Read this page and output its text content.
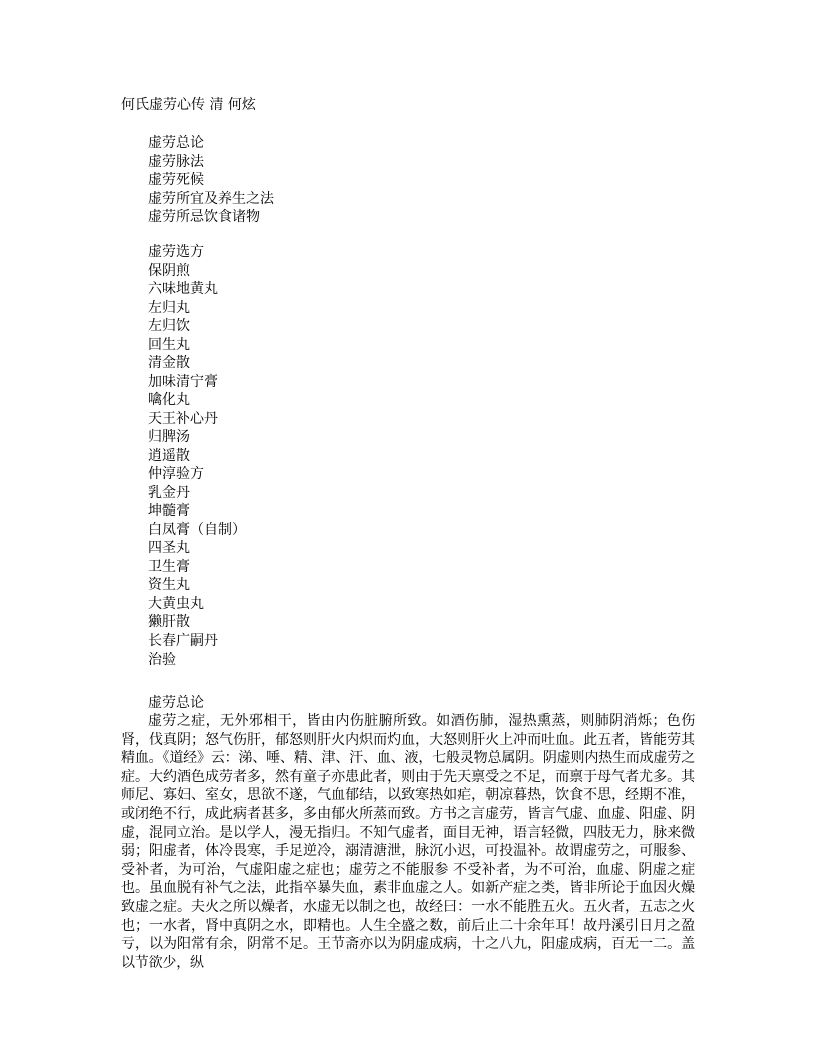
何氏虚劳心传 清 何炫
虚劳总论
虚劳脉法
虚劳死候
虚劳所宜及养生之法
虚劳所忌饮食诸物
虚劳选方
保阴煎
六味地黄丸
左归丸
左归饮
回生丸
清金散
加味清宁膏
噙化丸
天王补心丹
归脾汤
逍遥散
仲淳验方
乳金丹
坤髓膏
白凤膏（自制）
四圣丸
卫生膏
资生丸
大黄虫丸
獭肝散
长春广嗣丹
治验
虚劳总论

虚劳之症，无外邪相干，皆由内伤脏腑所致。如酒伤肺，湿热熏蒸，则肺阴消烁；色伤肾，伐真阴；怒气伤肝，郁怒则肝火内炽而灼血，大怒则肝火上冲而吐血。此五者，皆能劳其精血。《道经》云：涕、唾、精、津、汗、血、液，七般灵物总属阴。阴虚则内热生而成虚劳之症。大约酒色成劳者多，然有童子亦患此者，则由于先天禀受之不足，而禀于母气者尤多。其师尼、寡妇、室女，思欲不遂，气血郁结，以致寒热如疟，朝凉暮热，饮食不思，经期不准，或闭绝不行，成此病者甚多，多由郁火所蒸而致。方书之言虚劳，皆言气虚、血虚、阳虚、阴虚，混同立治。是以学人，漫无指归。不知气虚者，面目无神，语言轻微，四肢无力，脉来微弱；阳虚者，体冷畏寒，手足逆冷，溺清溏泄，脉沉小迟，可投温补。故谓虚劳之，可服参、 受补者，为可治，气虚阳虚之症也；虚劳之不能服参 不受补者，为不可治，血虚、阴虚之症也。虽血脱有补气之法，此指卒暴失血，素非血虚之人。如新产症之类，皆非所论于血因火燥致虚之症。夫火之所以燥者，水虚无以制之也，故经曰：一水不能胜五火。五火者，五志之火也；一水者，肾中真阴之水，即精也。人生全盛之数，前后止二十余年耳！故丹溪引日月之盈亏，以为阳常有余，阴常不足。王节斋亦以为阴虚成病，十之八九，阳虚成病，百无一二。盖以节欲少，纵
